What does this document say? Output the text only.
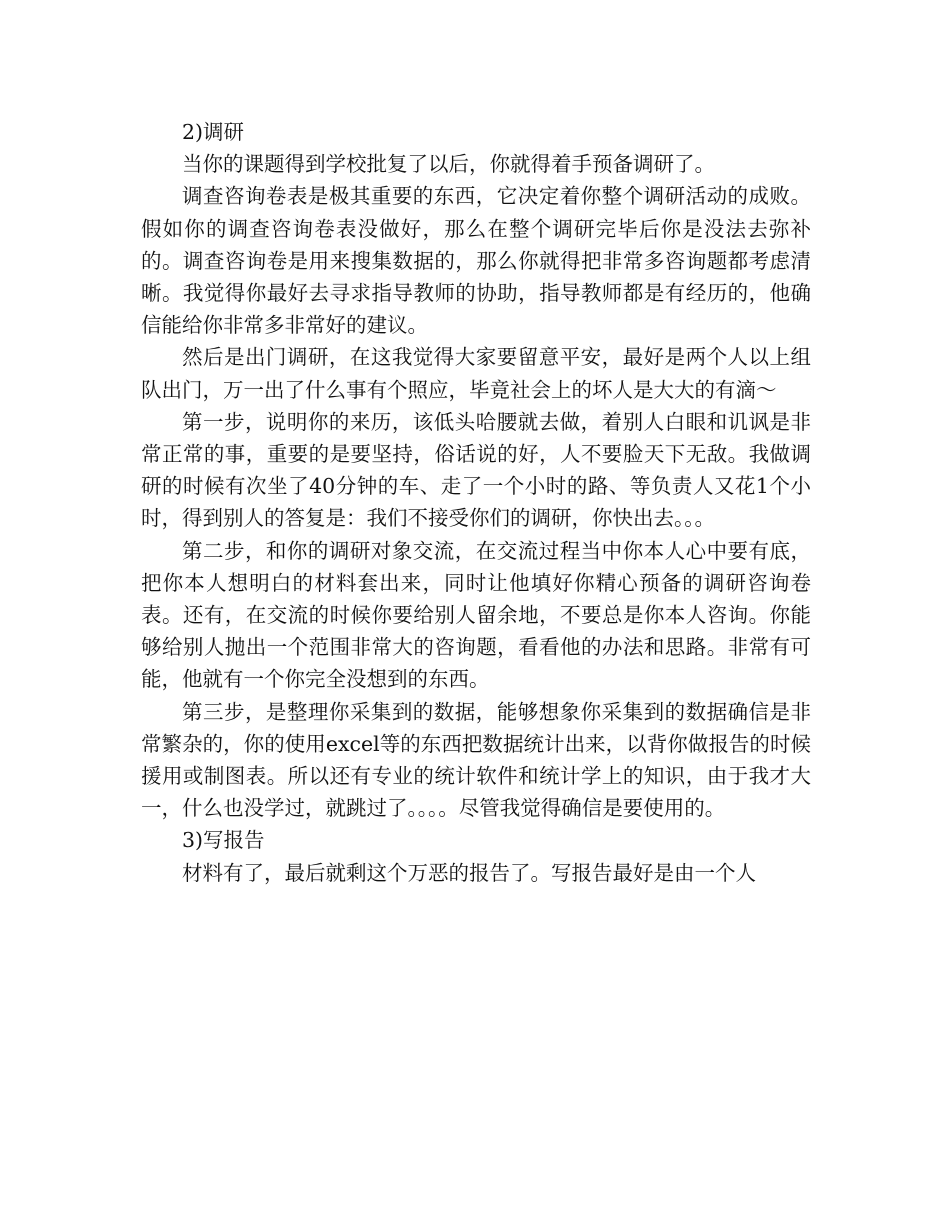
2)调研

当你的课题得到学校批复了以后，你就得着手预备调研了。

调查咨询卷表是极其重要的东西，它决定着你整个调研活动的成败。假如你的调查咨询卷表没做好，那么在整个调研完毕后你是没法去弥补的。调查咨询卷是用来搜集数据的，那么你就得把非常多咨询题都考虑清晰。我觉得你最好去寻求指导教师的协助，指导教师都是有经历的，他确信能给你非常多非常好的建议。

然后是出门调研，在这我觉得大家要留意平安，最好是两个人以上组队出门，万一出了什么事有个照应，毕竟社会上的坏人是大大的有滴～

第一步，说明你的来历，该低头哈腰就去做，着别人白眼和讥讽是非常正常的事，重要的是要坚持，俗话说的好，人不要脸天下无敌。我做调研的时候有次坐了40分钟的车、走了一个小时的路、等负责人又花1个小时，得到别人的答复是：我们不接受你们的调研，你快出去。。。

第二步，和你的调研对象交流，在交流过程当中你本人心中要有底，把你本人想明白的材料套出来，同时让他填好你精心预备的调研咨询卷表。还有，在交流的时候你要给别人留余地，不要总是你本人咨询。你能够给别人抛出一个范围非常大的咨询题，看看他的办法和思路。非常有可能，他就有一个你完全没想到的东西。

第三步，是整理你采集到的数据，能够想象你采集到的数据确信是非常繁杂的，你的使用excel等的东西把数据统计出来，以背你做报告的时候援用或制图表。所以还有专业的统计软件和统计学上的知识，由于我才大一，什么也没学过，就跳过了。。。。尽管我觉得确信是要使用的。

3)写报告

材料有了，最后就剩这个万恶的报告了。写报告最好是由一个人
